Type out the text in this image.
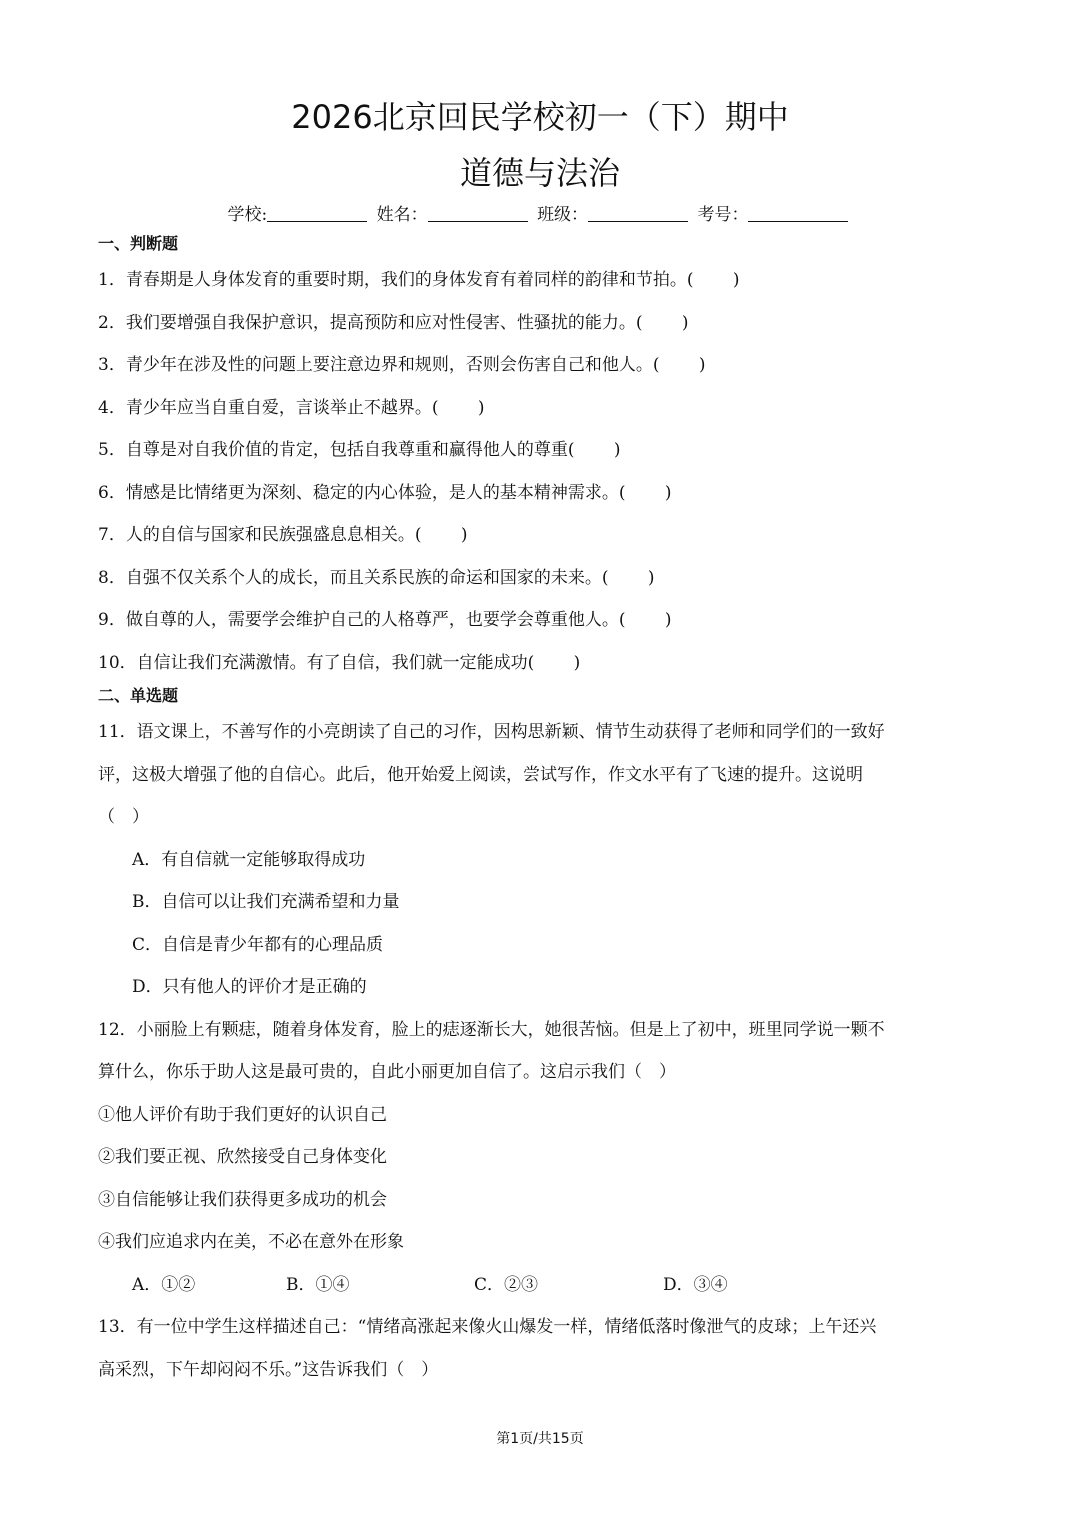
2026北京回民学校初一（下）期中
道德与法治
学校:	姓名：	班级：	考号：
一、判断题
1．青春期是人身体发育的重要时期，我们的身体发育有着同样的韵律和节拍。(　　 )
2．我们要增强自我保护意识，提高预防和应对性侵害、性骚扰的能力。(　　 )
3．青少年在涉及性的问题上要注意边界和规则，否则会伤害自己和他人。(　　 )
4．青少年应当自重自爱，言谈举止不越界。(　　 )
5．自尊是对自我价值的肯定，包括自我尊重和赢得他人的尊重(　　 )
6．情感是比情绪更为深刻、稳定的内心体验，是人的基本精神需求。(　　 )
7．人的自信与国家和民族强盛息息相关。(　　 )
8．自强不仅关系个人的成长，而且关系民族的命运和国家的未来。(　　 )
9．做自尊的人，需要学会维护自己的人格尊严，也要学会尊重他人。(　　 )
10．自信让我们充满激情。有了自信，我们就一定能成功(　　 )
二、单选题
11．语文课上，不善写作的小亮朗读了自己的习作，因构思新颖、情节生动获得了老师和同学们的一致好
评，这极大增强了他的自信心。此后，他开始爱上阅读，尝试写作，作文水平有了飞速的提升。这说明
（　）
A．有自信就一定能够取得成功
B．自信可以让我们充满希望和力量
C．自信是青少年都有的心理品质
D．只有他人的评价才是正确的
12．小丽脸上有颗痣，随着身体发育，脸上的痣逐渐长大，她很苦恼。但是上了初中，班里同学说一颗不
算什么，你乐于助人这是最可贵的，自此小丽更加自信了。这启示我们（　）
①他人评价有助于我们更好的认识自己
②我们要正视、欣然接受自己身体变化
③自信能够让我们获得更多成功的机会
④我们应追求内在美，不必在意外在形象
A．①②	B．①④	C．②③	D．③④
13．有一位中学生这样描述自己：“情绪高涨起来像火山爆发一样，情绪低落时像泄气的皮球；上午还兴
高采烈，下午却闷闷不乐。”这告诉我们（　）
第1页/共15页
